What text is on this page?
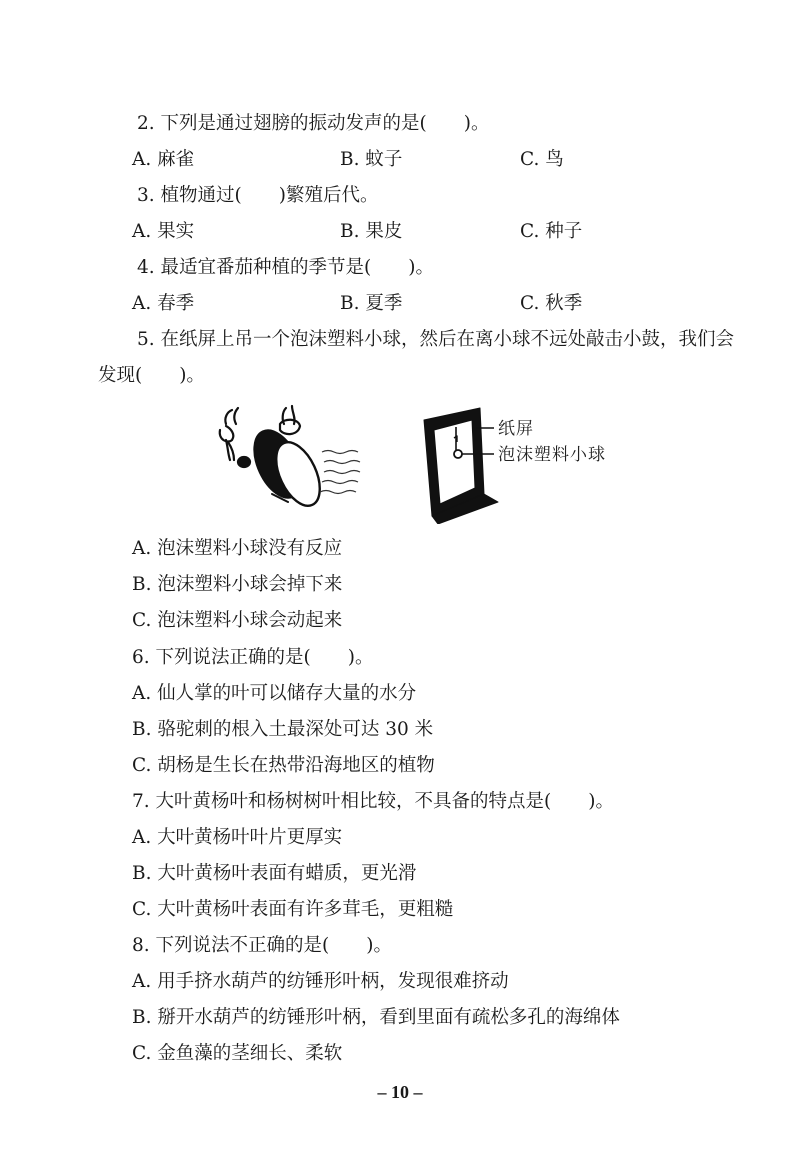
2. 下列是通过翅膀的振动发声的是(　　)。
A. 麻雀	B. 蚊子	C. 鸟
3. 植物通过(　　)繁殖后代。
A. 果实	B. 果皮	C. 种子
4. 最适宜番茄种植的季节是(　　)。
A. 春季	B. 夏季	C. 秋季
5. 在纸屏上吊一个泡沫塑料小球，然后在离小球不远处敲击小鼓，我们会
发现(　　)。
纸屏
泡沫塑料小球
A. 泡沫塑料小球没有反应
B. 泡沫塑料小球会掉下来
C. 泡沫塑料小球会动起来
6. 下列说法正确的是(　　)。
A. 仙人掌的叶可以储存大量的水分
B. 骆驼刺的根入土最深处可达 30 米
C. 胡杨是生长在热带沿海地区的植物
7. 大叶黄杨叶和杨树树叶相比较，不具备的特点是(　　)。
A. 大叶黄杨叶叶片更厚实
B. 大叶黄杨叶表面有蜡质，更光滑
C. 大叶黄杨叶表面有许多茸毛，更粗糙
8. 下列说法不正确的是(　　)。
A. 用手挤水葫芦的纺锤形叶柄，发现很难挤动
B. 掰开水葫芦的纺锤形叶柄，看到里面有疏松多孔的海绵体
C. 金鱼藻的茎细长、柔软
– 10 –
